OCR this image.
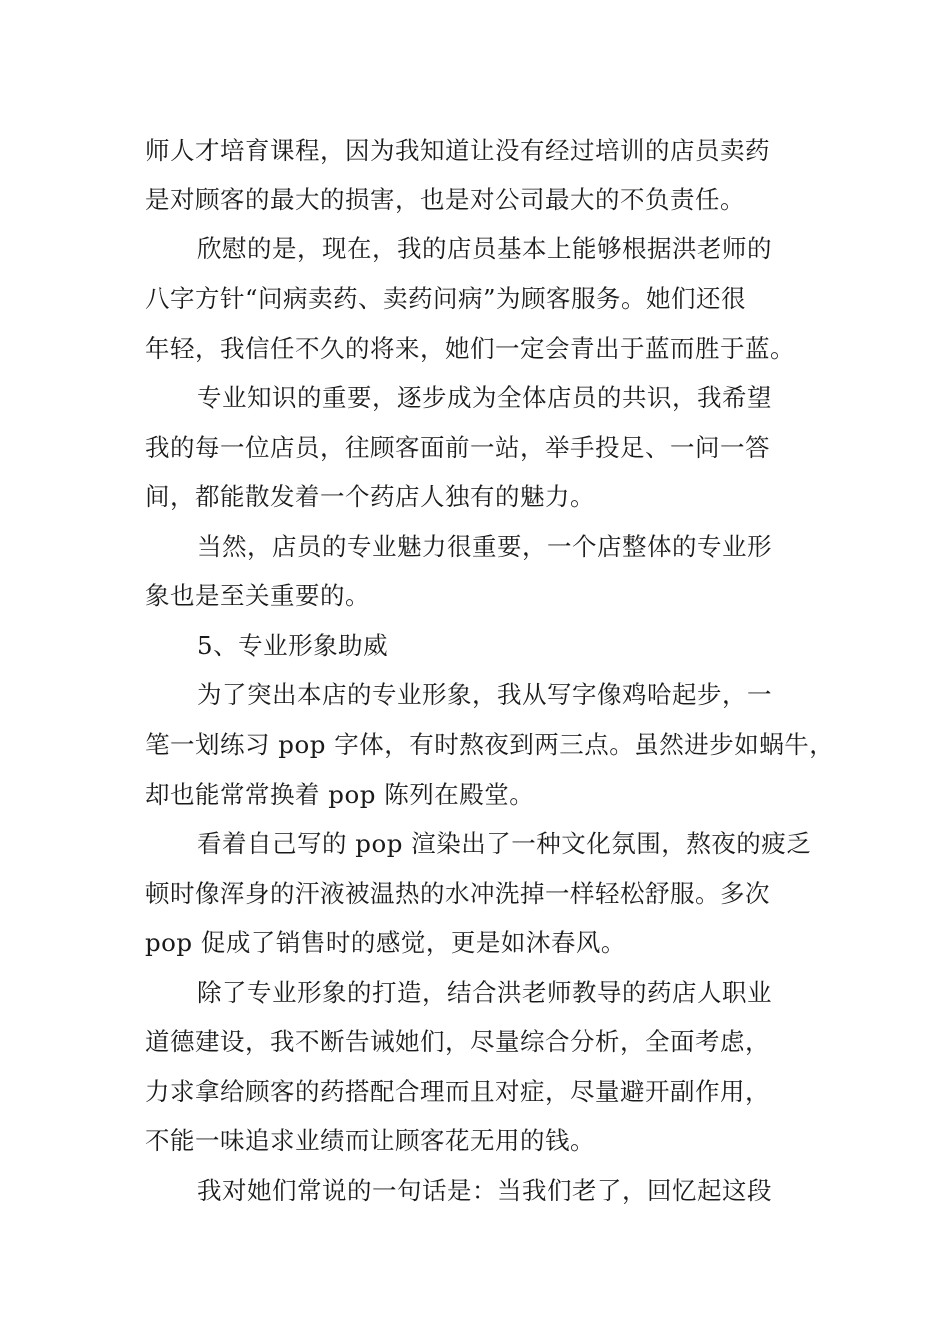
师人才培育课程，因为我知道让没有经过培训的店员卖药
是对顾客的最大的损害，也是对公司最大的不负责任。
欣慰的是，现在，我的店员基本上能够根据洪老师的
八字方针“问病卖药、卖药问病”为顾客服务。她们还很
年轻，我信任不久的将来，她们一定会青出于蓝而胜于蓝。
专业知识的重要，逐步成为全体店员的共识，我希望
我的每一位店员，往顾客面前一站，举手投足、一问一答
间，都能散发着一个药店人独有的魅力。
当然，店员的专业魅力很重要，一个店整体的专业形
象也是至关重要的。
5、专业形象助威
为了突出本店的专业形象，我从写字像鸡哈起步，一
笔一划练习 pop 字体，有时熬夜到两三点。虽然进步如蜗牛，
却也能常常换着 pop 陈列在殿堂。
看着自己写的 pop 渲染出了一种文化氛围，熬夜的疲乏
顿时像浑身的汗液被温热的水冲洗掉一样轻松舒服。多次
pop 促成了销售时的感觉，更是如沐春风。
除了专业形象的打造，结合洪老师教导的药店人职业
道德建设，我不断告诫她们，尽量综合分析，全面考虑，
力求拿给顾客的药搭配合理而且对症，尽量避开副作用，
不能一味追求业绩而让顾客花无用的钱。
我对她们常说的一句话是：当我们老了，回忆起这段
